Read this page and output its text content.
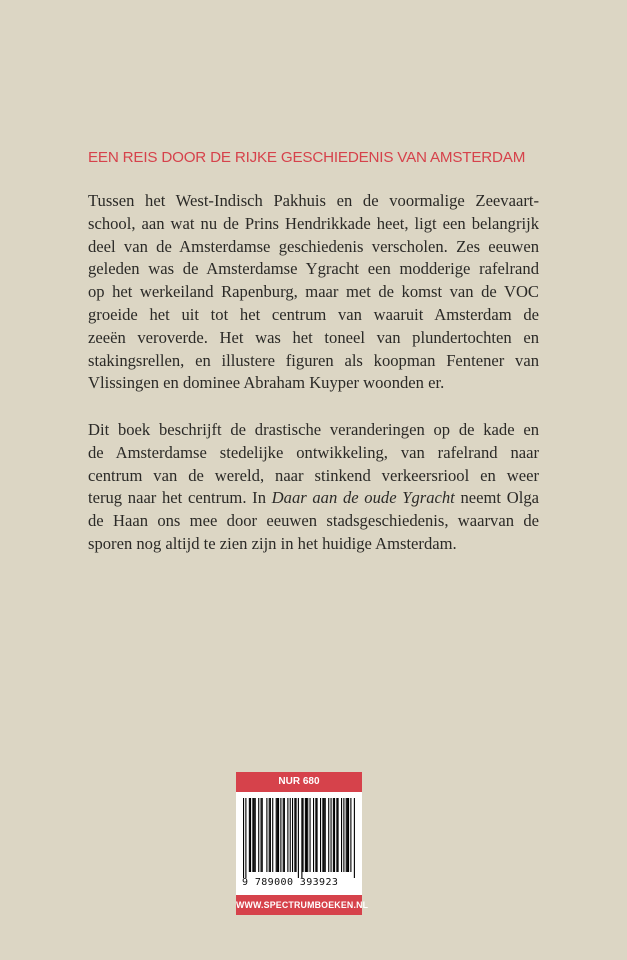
EEN REIS DOOR DE RIJKE GESCHIEDENIS VAN AMSTERDAM
Tussen het West-Indisch Pakhuis en de voormalige Zeevaart-
school, aan wat nu de Prins Hendrikkade heet, ligt een belangrijk
deel van de Amsterdamse geschiedenis verscholen. Zes eeuwen
geleden was de Amsterdamse Ygracht een modderige rafelrand
op het werkeiland Rapenburg, maar met de komst van de VOC
groeide het uit tot het centrum van waaruit Amsterdam de
zeeën veroverde. Het was het toneel van plundertochten en
stakingsrellen, en illustere figuren als koopman Fentener van
Vlissingen en dominee Abraham Kuyper woonden er.
Dit boek beschrijft de drastische veranderingen op de kade en
de Amsterdamse stedelijke ontwikkeling, van rafelrand naar
centrum van de wereld, naar stinkend verkeersriool en weer
terug naar het centrum. In Daar aan de oude Ygracht neemt Olga
de Haan ons mee door eeuwen stadsgeschiedenis, waarvan de
sporen nog altijd te zien zijn in het huidige Amsterdam.
NUR 680
9 789000 393923
WWW.SPECTRUMBOEKEN.NL
